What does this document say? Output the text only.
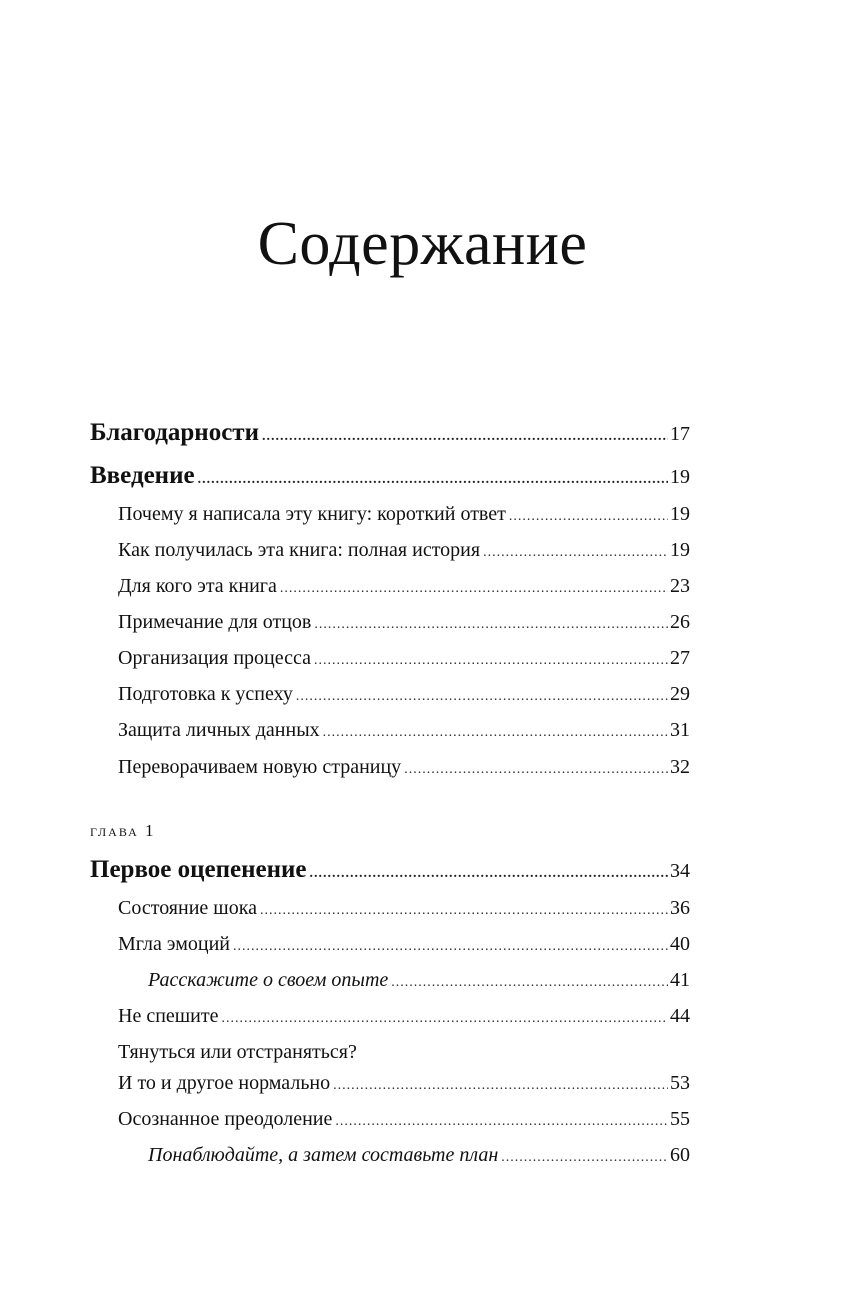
Содержание
Благодарности .....	17
Введение .....	19
Почему я написала эту книгу: короткий ответ .....	19
Как получилась эта книга: полная история .....	19
Для кого эта книга .....	23
Примечание для отцов .....	26
Организация процесса .....	27
Подготовка к успеху .....	29
Защита личных данных .....	31
Переворачиваем новую страницу .....	32
глава 1
Первое оцепенение .....	34
Состояние шока .....	36
Мгла эмоций .....	40
Расскажите о своем опыте .....	41
Не спешите .....	44
Тянуться или отстраняться?
И то и другое нормально .....	53
Осознанное преодоление .....	55
Понаблюдайте, а затем составьте план .....	60
